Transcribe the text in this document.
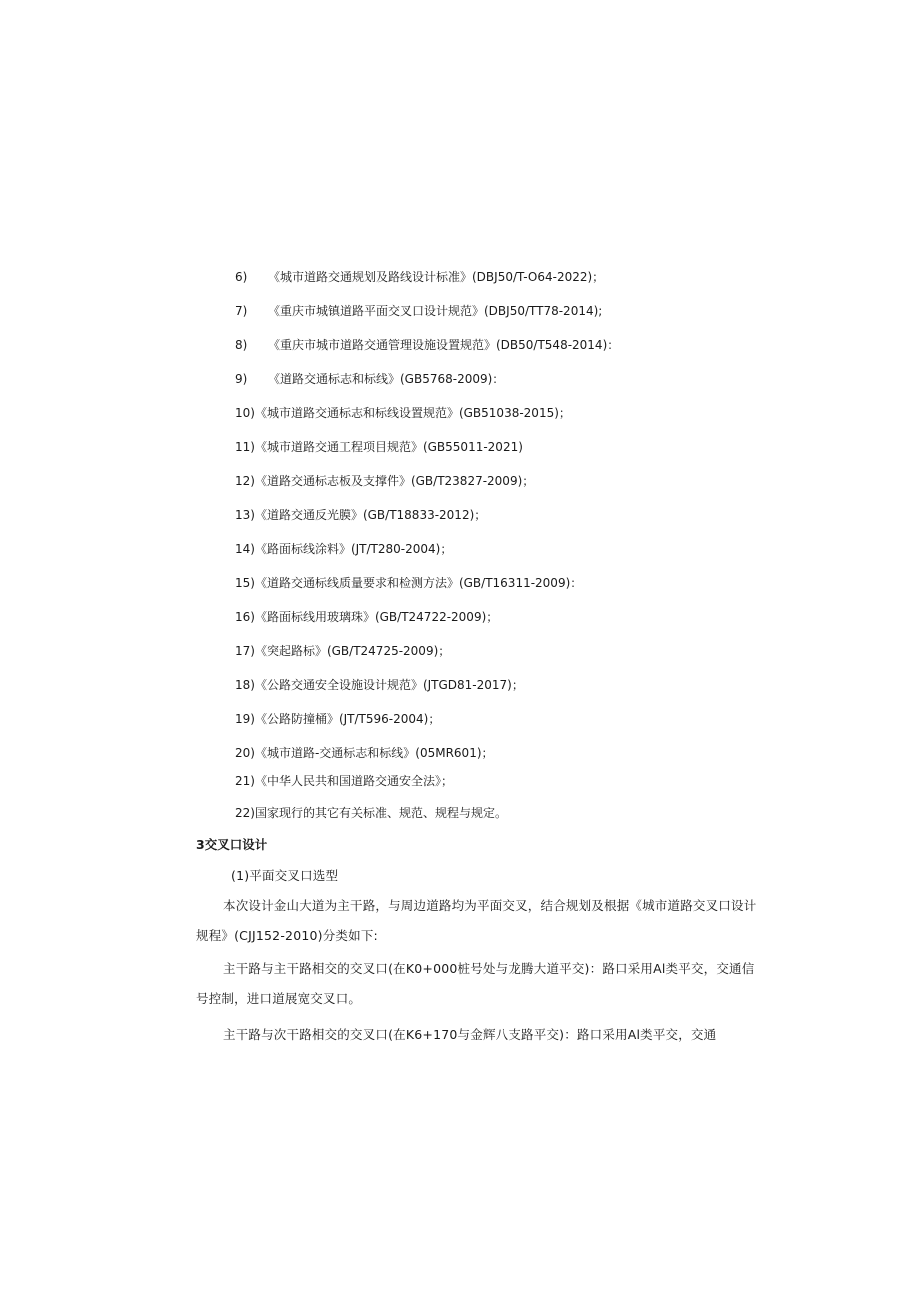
6) 《城市道路交通规划及路线设计标准》(DBJ50/T-O64-2022)；
7) 《重庆市城镇道路平面交叉口设计规范》(DBJ50/TT78-2014);
8) 《重庆市城市道路交通管理设施设置规范》(DB50/T548-2014)：
9) 《道路交通标志和标线》(GB5768-2009)：
10)《城市道路交通标志和标线设置规范》(GB51038-2015)；
11)《城市道路交通工程项目规范》(GB55011-2021)
12)《道路交通标志板及支撑件》(GB/T23827-2009)；
13)《道路交通反光膜》(GB/T18833-2012)；
14)《路面标线涂料》(JT/T280-2004)；
15)《道路交通标线质量要求和检测方法》(GB/T16311-2009)：
16)《路面标线用玻璃珠》(GB/T24722-2009)；
17)《突起路标》(GB/T24725-2009)；
18)《公路交通安全设施设计规范》(JTGD81-2017)；
19)《公路防撞桶》(JT/T596-2004)；
20)《城市道路-交通标志和标线》(05MR601)；
21)《中华人民共和国道路交通安全法》；
22)国家现行的其它有关标准、规范、规程与规定。
3交叉口设计
(1)平面交叉口选型
本次设计金山大道为主干路，与周边道路均为平面交叉，结合规划及根据《城市道路交叉口设计
规程》(CJJ152-2010)分类如下:
主干路与主干路相交的交叉口(在K0+000桩号处与龙腾大道平交)：路口采用Al类平交，交通信
号控制，进口道展宽交叉口。
主干路与次干路相交的交叉口(在K6+170与金辉八支路平交)：路口采用Al类平交，交通
